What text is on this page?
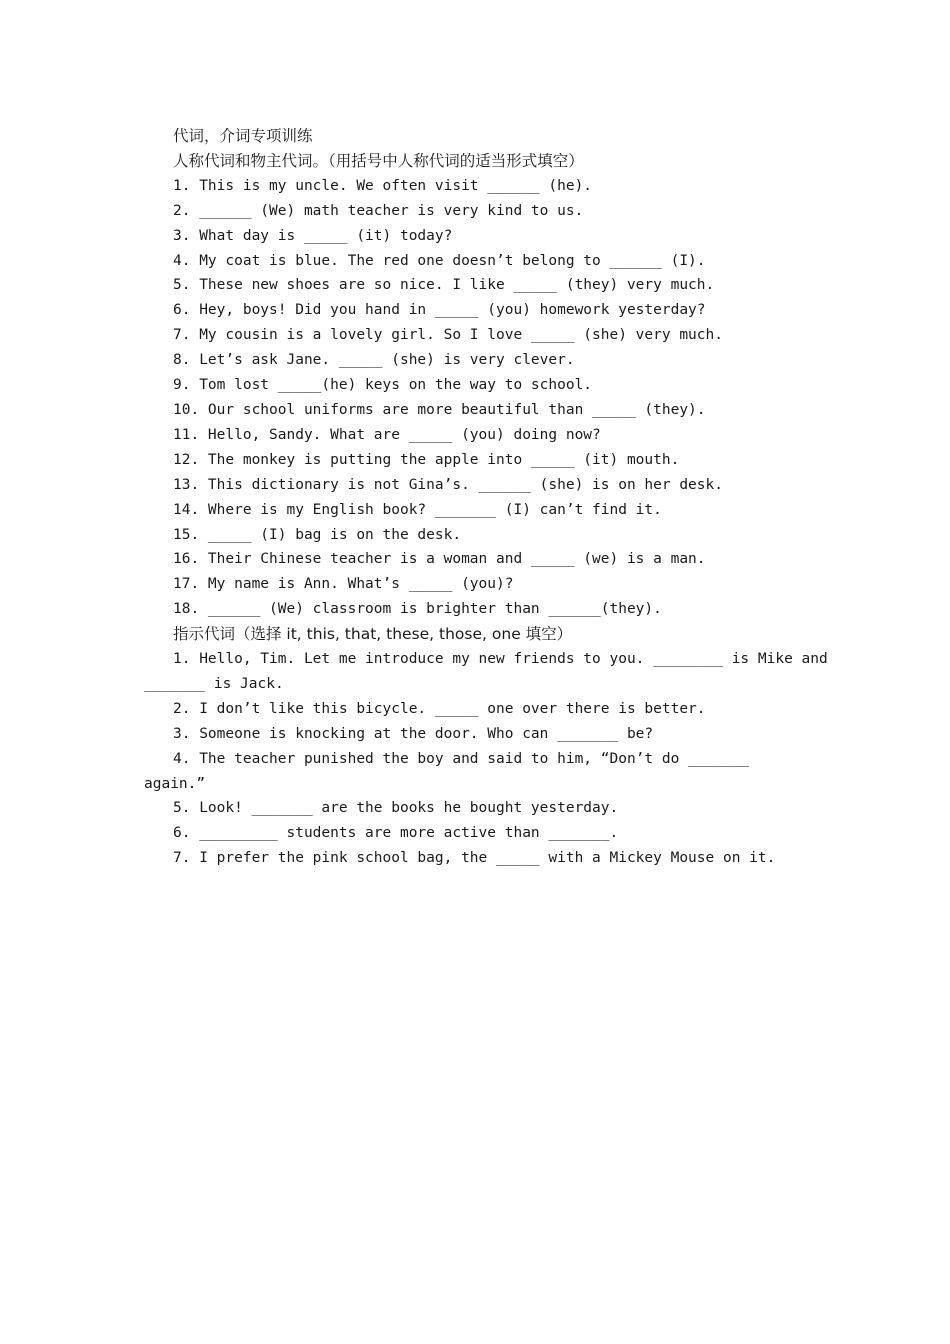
代词，介词专项训练
人称代词和物主代词。（用括号中人称代词的适当形式填空）
1. This is my uncle. We often visit ______ (he).
2. ______ (We) math teacher is very kind to us.
3. What day is _____ (it) today?
4. My coat is blue. The red one doesn’t belong to ______ (I).
5. These new shoes are so nice. I like _____ (they) very much.
6. Hey, boys! Did you hand in _____ (you) homework yesterday?
7. My cousin is a lovely girl. So I love _____ (she) very much.
8. Let’s ask Jane. _____ (she) is very clever.
9. Tom lost _____(he) keys on the way to school.
10. Our school uniforms are more beautiful than _____ (they).
11. Hello, Sandy. What are _____ (you) doing now?
12. The monkey is putting the apple into _____ (it) mouth.
13. This dictionary is not Gina’s. ______ (she) is on her desk.
14. Where is my English book? _______ (I) can’t find it.
15. _____ (I) bag is on the desk.
16. Their Chinese teacher is a woman and _____ (we) is a man.
17. My name is Ann. What’s _____ (you)?
18. ______ (We) classroom is brighter than ______(they).
指示代词（选择 it, this, that, these, those, one 填空）
1. Hello, Tim. Let me introduce my new friends to you. ________ is Mike and
_______ is Jack.
2. I don’t like this bicycle. _____ one over there is better.
3. Someone is knocking at the door. Who can _______ be?
4. The teacher punished the boy and said to him, “Don’t do _______
again.”
5. Look! _______ are the books he bought yesterday.
6. _________ students are more active than _______.
7. I prefer the pink school bag, the _____ with a Mickey Mouse on it.
